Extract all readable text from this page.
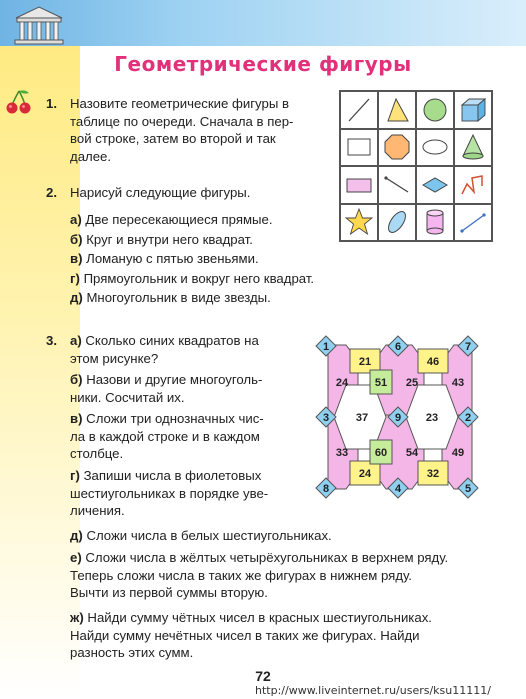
Геометрические фигуры
1. Назовите геометрические фигуры в
таблице по очереди. Сначала в пер-
вой строке, затем во второй и так
далее.
2. Нарисуй следующие фигуры.
а) Две пересекающиеся прямые.
б) Круг и внутри него квадрат.
в) Ломаную с пятью звеньями.
г) Прямоугольник и вокруг него квадрат.
д) Многоугольник в виде звезды.
3. а) Сколько синих квадратов на
этом рисунке?
б) Назови и другие многоуголь-
ники. Сосчитай их.
в) Сложи три однозначных чис-
ла в каждой строке и в каждом
столбце.
г) Запиши числа в фиолетовых
шестиугольниках в порядке уве-
личения.
д) Сложи числа в белых шестиугольниках.
е) Сложи числа в жёлтых четырёхугольниках в верхнем ряду.
Теперь сложи числа в таких же фигурах в нижнем ряду.
Вычти из первой суммы вторую.
ж) Найди сумму чётных чисел в красных шестиугольниках.
Найди сумму нечётных чисел в таких же фигурах. Найди
разность этих сумм.
1	6	7
3	9	2
8	4	5
21	46
24	32
24	25	43
33	54	49
51
60
37	23
72
http://www.liveinternet.ru/users/ksu11111/
